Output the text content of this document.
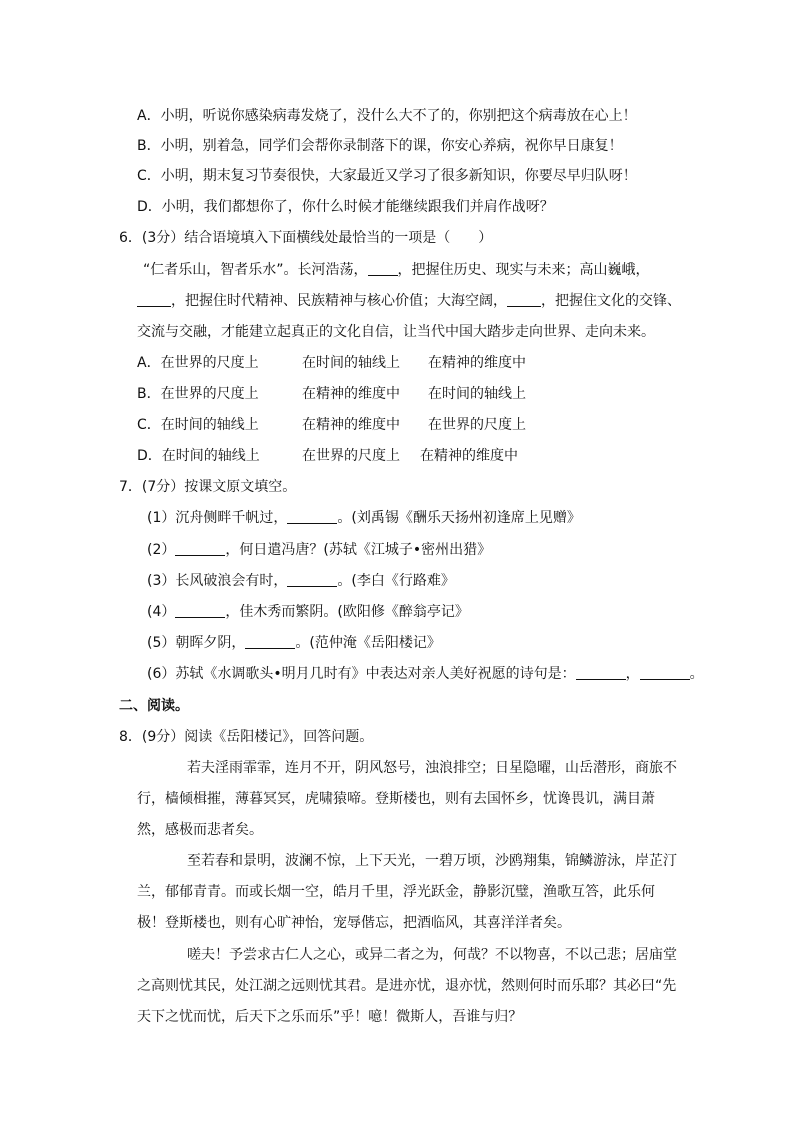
A．小明，听说你感染病毒发烧了，没什么大不了的，你别把这个病毒放在心上！
B．小明，别着急，同学们会帮你录制落下的课，你安心养病，祝你早日康复！
C．小明，期末复习节奏很快，大家最近又学习了很多新知识，你要尽早归队呀！
D．小明，我们都想你了，你什么时候才能继续跟我们并肩作战呀？
6．(3分）结合语境填入下面横线处最恰当的一项是（　　）
“仁者乐山，智者乐水”。长河浩荡， ，把握住历史、现实与未来；高山巍峨，
，把握住时代精神、民族精神与核心价值；大海空阔， ，把握住文化的交锋、
交流与交融，才能建立起真正的文化自信，让当代中国大踏步走向世界、走向未来。
A．在世界的尺度上	在时间的轴线上 在精神的维度中
B．在世界的尺度上	在精神的维度中 在时间的轴线上
C．在时间的轴线上	在精神的维度中 在世界的尺度上
D．在时间的轴线上	在世界的尺度上 在精神的维度中
7．(7分）按课文原文填空。
(1）沉舟侧畔千帆过，	。(刘禹锡《酬乐天扬州初逢席上见赠》
(2）	，何日遣冯唐？(苏轼《江城子•密州出猎》
(3）长风破浪会有时，	。(李白《行路难》
(4）	，佳木秀而繁阴。(欧阳修《醉翁亭记》
(5）朝晖夕阴，	。(范仲淹《岳阳楼记》
(6）苏轼《水调歌头•明月几时有》中表达对亲人美好祝愿的诗句是：	，	。
二、阅读。
8．(9分）阅读《岳阳楼记》，回答问题。
若夫淫雨霏霏，连月不开，阴风怒号，浊浪排空；日星隐曜，山岳潜形，商旅不行，樯倾楫摧，薄暮冥冥，虎啸猿啼。登斯楼也，则有去国怀乡，忧谗畏讥，满目萧然，感极而悲者矣。
至若春和景明，波澜不惊，上下天光，一碧万顷，沙鸥翔集，锦鳞游泳，岸芷汀兰，郁郁青青。而或长烟一空，皓月千里，浮光跃金，静影沉璧，渔歌互答，此乐何极！登斯楼也，则有心旷神怡，宠辱偕忘，把酒临风，其喜洋洋者矣。
嗟夫！予尝求古仁人之心，或异二者之为，何哉？不以物喜，不以己悲；居庙堂之高则忧其民，处江湖之远则忧其君。是进亦忧，退亦忧，然则何时而乐耶？其必曰“先天下之忧而忧，后天下之乐而乐”乎！噫！微斯人，吾谁与归？
